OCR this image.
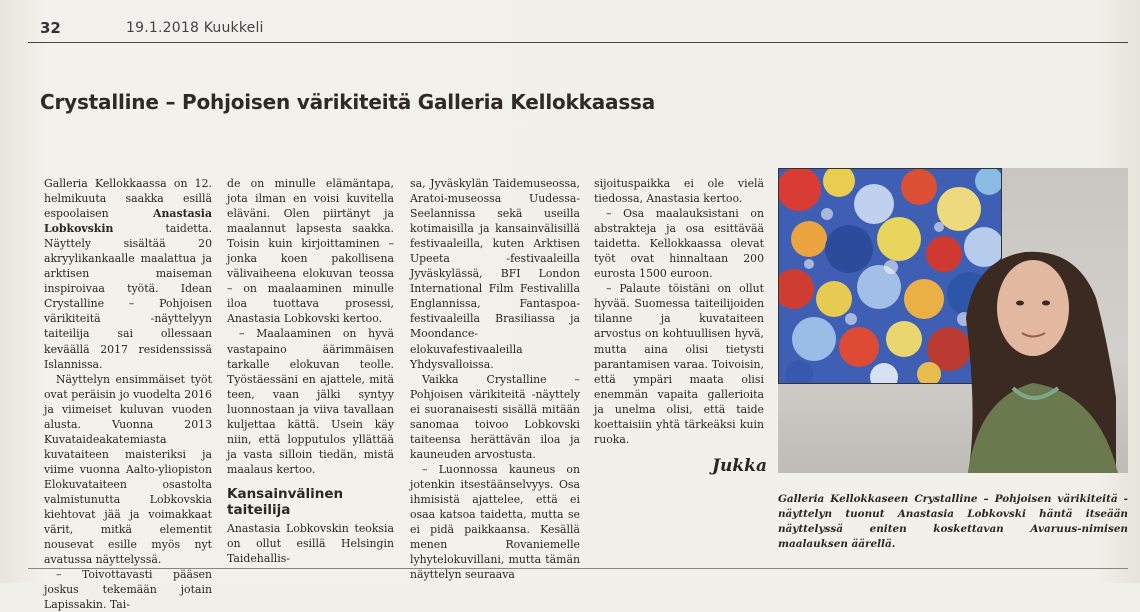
32	19.1.2018 Kuukkeli
Crystalline – Pohjoisen värikiteitä Galleria Kellokkaassa

Galleria Kellokkaassa on 12. helmikuuta saakka esillä espoolaisen Anastasia Lobkovskin taidetta. Näyttely sisältää 20 akryylikankaalle maalattua ja arktisen maiseman inspiroivaa työtä. Idean Crystalline – Pohjoisen värikiteitä -näyttelyyn taiteilija sai ollessaan keväällä 2017 residenssissä Islannissa.

Näyttelyn ensimmäiset työt ovat peräisin jo vuodelta 2016 ja viimeiset kuluvan vuoden alusta. Vuonna 2013 Kuvataideakatemiasta kuvataiteen maisteriksi ja viime vuonna Aalto-yliopiston Elokuvataiteen osastolta valmistunutta Lobkovskia kiehtovat jää ja voimakkaat värit, mitkä elementit nousevat esille myös nyt avatussa näyttelyssä.

– Toivottavasti pääsen joskus tekemään jotain Lapissakin. Tai-

de on minulle elämäntapa, jota ilman en voisi kuvitella eläväni. Olen piirtänyt ja maalannut lapsesta saakka. Toisin kuin kirjoittaminen – jonka koen pakollisena välivaiheena elokuvan teossa – on maalaaminen minulle iloa tuottava prosessi, Anastasia Lobkovski kertoo.

– Maalaaminen on hyvä vastapaino äärimmäisen tarkalle elokuvan teolle. Työstäessäni en ajattele, mitä teen, vaan jälki syntyy luonnostaan ja viiva tavallaan kuljettaa kättä. Usein käy niin, että lopputulos yllättää ja vasta silloin tiedän, mistä maalaus kertoo.

Kansainvälinen taiteilija

Anastasia Lobkovskin teoksia on ollut esillä Helsingin Taidehallis-

sa, Jyväskylän Taidemuseossa, Aratoi-museossa Uudessa-Seelannissa sekä useilla kotimaisilla ja kansainvälisillä festivaaleilla, kuten Arktisen Upeeta -festivaaleilla Jyväskylässä, BFI London International Film Festivalilla Englannissa, Fantaspoa-festivaaleilla Brasiliassa ja Moondance-elokuvafestivaaleilla Yhdysvalloissa.

Vaikka Crystalline – Pohjoisen värikiteitä -näyttely ei suoranaisesti sisällä mitään sanomaa toivoo Lobkovski taiteensa herättävän iloa ja kauneuden arvostusta.

– Luonnossa kauneus on jotenkin itsestäänselvyys. Osa ihmisistä ajattelee, että ei osaa katsoa taidetta, mutta se ei pidä paikkaansa. Kesällä menen Rovaniemelle lyhytelokuvillani, mutta tämän näyttelyn seuraava

sijoituspaikka ei ole vielä tiedossa, Anastasia kertoo.

– Osa maalauksistani on abstrakteja ja osa esittävää taidetta. Kellokkaassa olevat työt ovat hinnaltaan 200 eurosta 1500 euroon.

– Palaute töistäni on ollut hyvää. Suomessa taiteilijoiden tilanne ja kuvataiteen arvostus on kohtuullisen hyvä, mutta aina olisi tietysti parantamisen varaa. Toivoisin, että ympäri maata olisi enemmän vapaita gallerioita ja unelma olisi, että taide koettaisiin yhtä tärkeäksi kuin ruoka.

Jukka
Galleria Kellokkaseen Crystalline – Pohjoisen värikiteitä -näyttelyn tuonut Anastasia Lobkovski häntä itseään näyttelyssä eniten koskettavan Avaruus-nimisen maalauksen äärellä.
